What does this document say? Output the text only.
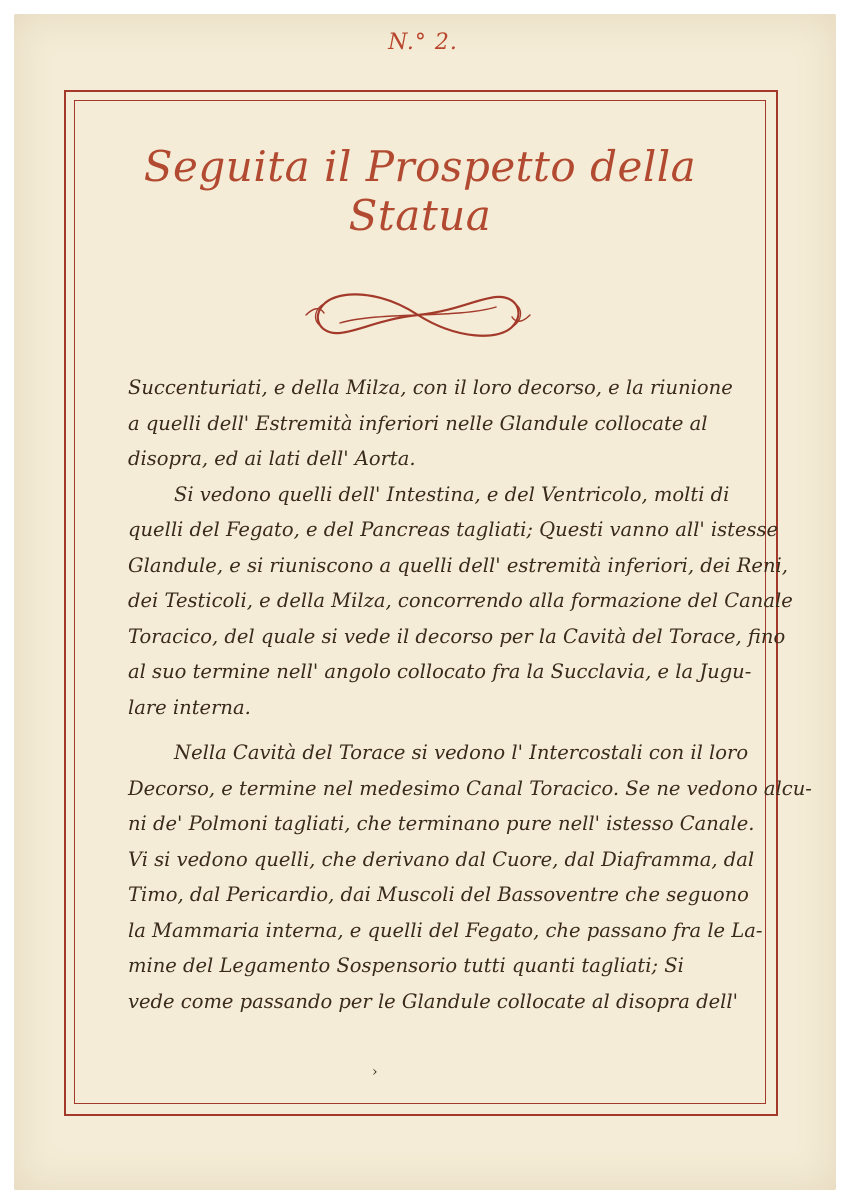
N.° 2.
Seguita il Prospetto della Statua
Succenturiati, e della Milza, con il loro decorso, e la riunione
a quelli dell' Estremità inferiori nelle Glandule collocate al
disopra, ed ai lati dell' Aorta.
Si vedono quelli dell' Intestina, e del Ventricolo, molti di
quelli del Fegato, e del Pancreas tagliati; Questi vanno all' istesse
Glandule, e si riuniscono a quelli dell' estremità inferiori, dei Reni,
dei Testicoli, e della Milza, concorrendo alla formazione del Canale
Toracico, del quale si vede il decorso per la Cavità del Torace, fino
al suo termine nell' angolo collocato fra la Succlavia, e la Jugu-
lare interna.
Nella Cavità del Torace si vedono l' Intercostali con il loro
Decorso, e termine nel medesimo Canal Toracico. Se ne vedono alcu-
ni de' Polmoni tagliati, che terminano pure nell' istesso Canale.
Vi si vedono quelli, che derivano dal Cuore, dal Diaframma, dal
Timo, dal Pericardio, dai Muscoli del Bassoventre che seguono
la Mammaria interna, e quelli del Fegato, che passano fra le La-
mine del Legamento Sospensorio tutti quanti tagliati; Si
vede come passando per le Glandule collocate al disopra dell'
›
